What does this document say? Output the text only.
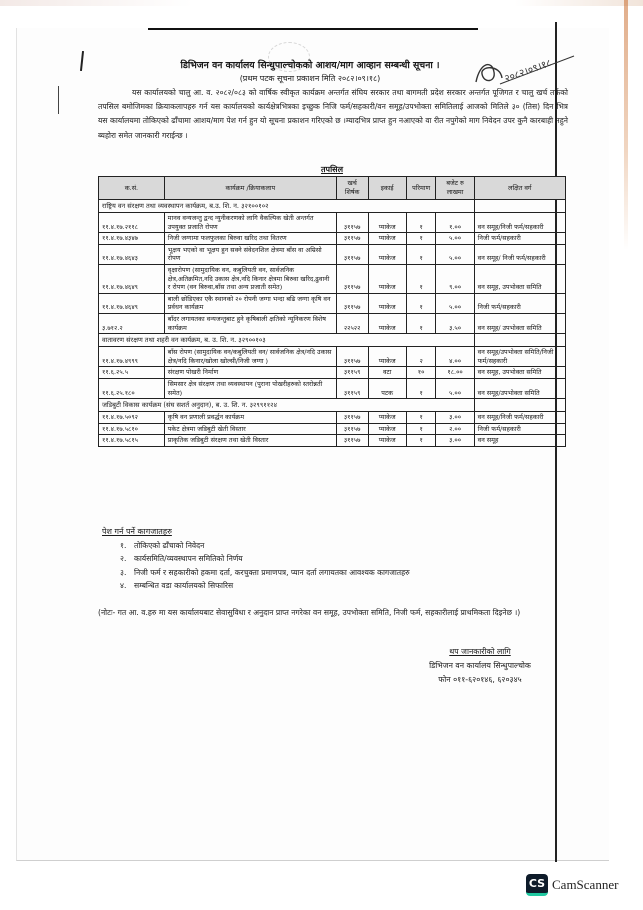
डिभिजन वन कार्यालय सिन्धुपाल्चोकको आशय/माग आव्हान सम्बन्धी सूचना ।
(प्रथम पटक सूचना प्रकाशन मिति २०८२।०९।१८)	२०८२।०९।१८
यस कार्यालयको चालु आ. व. २०८२/०८३ को वार्षिक स्वीकृत कार्यक्रम अन्तर्गत संघिय सरकार तथा बागमती प्रदेश सरकार अन्तर्गत पूजिगत र चालु खर्च तर्फको तपसिल बमोजिमका क्रियाकलापहरु गर्न यस कार्यालयको कार्यक्षेत्रभित्रका इच्छुक निजि फर्म/सहकारी/वन समूह/उपभोक्ता समितिलाई आजको मितिले ३० (तिस) दिन भित्र यस कार्यालयमा तोकिएको ढाँचामा आशय/माग पेश गर्न हुन यो सूचना प्रकाशन गरिएको छ ।म्यादभित्र प्राप्त हुन नआएको वा रीत नपुगेको माग निवेदन उपर कुनै कारबाही नहुने ब्यहोरा समेत जानकारी गराईन्छ ।
तपसिल
क.सं.	कार्यक्रम /क्रियाकलाप	खर्च शिर्षक	इकाई	परिमाण	बजेट रु लाखमा	लक्षित वर्ग
राष्ट्रिय वन संरक्षण तथा व्यवस्थापन कार्यक्रम, ब.उ. शि. न. ३२१००१०२						
११.४.१७.२११८	मानव वन्यजन्तु द्वन्द न्युनीकरणको लागि वैकल्पिक खेती अन्तर्गत उपयुक्त प्रजाति रोपण	३११५७	प्याकेज	१	१.००	वन समूह/निजी फर्म/सहकारी
११.४.१७.४३४७	निजी जग्गामा फलफुलका बिरुवा खरिद तथा वितरण	३११५७	प्याकेज	१	५.००	निजी फर्म/सहकारी
११.४.१७.४६४३	भूक्षय भएको वा भूक्षय हुन सक्ने संवेदनशिल क्षेत्रमा बाँस वा अम्रिसो रोपण	३११५७	प्याकेज	१	५.००	वन समूह/ निजी फर्म/सहकारी
११.४.१७.४६४९	वृक्षारोपण (सामुदायिक वन, कबुलियती वन, सार्वजनिक क्षेत्र,अतिक्रमित,नदि उकास क्षेत्र,नदि किनार क्षेत्रमा बिरुवा खरिद,ढुवानी र रोपण (वन बिरुवा,बाँस तथा अन्य प्रजाती समेत)	३११५७	प्याकेज	१	९.००	वन समूह, उपभोक्ता समिति
११.४.१७.४६४९	बाली छोडिएका एकै स्थानको २० रोपनी जग्गा भन्दा बढि जग्गा कृषि वन प्रर्वधन कार्यक्रम	३११५७	प्याकेज	१	५.००	निजी फर्म/सहकारी
३.७१२.२	बाँदर लगायतका वन्यजन्तुबाट हुने कृषिबाली क्षतिको न्यूनिकरण विशेष कार्यक्रम	२२५२२	प्याकेज	१	३.५०	वन समूह/ उपभोक्ता समिति
वातावरण संरक्षण तथा शहरी वन कार्यक्रम, ब. उ. शि. न. ३२९००१०३						
११.४.१७.४९९९	बाँस रोपण (सामुदायिक वन/कबुलियती वन/ सार्वजनिक क्षेत्र/नदि उकास क्षेत्र/नदि किनार/खोला खोल्सी/निजी जग्गा )	३११५७	प्याकेज	२	४.००	वन समूह/उपभोक्ता समिति/निजी फर्म/सहकारी
११.६.२५.५	संरक्षण पोखरी निर्माण	३११५९	वटा	१०	१८.००	वन समूह, उपभोक्ता समिति
११.६.२५.१८०	सिमसार क्षेत्र संरक्षण तथा व्यवस्थापन (पुराना पोखरीहरुको स्तरोन्नती समेत)	३११५९	पटक	१	५.००	वन समूह/उपभोक्ता समिति
जडिबुटी विकास कार्यक्रम (संघ सशर्त अनुदान), ब. उ. शि. न. ३२९९११२४						
११.४.१७.५०९२	कृषि वन प्रणाली प्रवर्द्धन कार्यक्रम	३११५७	प्याकेज	१	३.००	वन समूह/निजी फर्म/सहकारी
११.४.१७.५८१०	पकेट क्षेत्रमा जडिबुटी खेती विस्तार	३११५७	प्याकेज	१	२.००	निजी फर्म/सहकारी
११.४.१७.५८१५	प्राकृतिक जडिबुटी संरक्षण तथा खेती विस्तार	३११५७	प्याकेज	१	३.००	वन समूह
पेश गर्न पर्ने कागजातहरु
१. तोकिएको ढाँचाको निवेदन
२. कार्यसमिति/व्यवस्थापन समितिको निर्णय
३. निजी फर्म र सहकारीको हकमा दर्ता, करचुक्ता प्रमाणपत्र, प्यान दर्ता लगायतका आवश्यक कागजातहरु
४. सम्बन्धित वडा कार्यालयको सिफारिस
(नोटः- गत आ. व.हरु मा यस कार्यालयबाट सेवासुविधा र अनुदान प्राप्त नगरेका वन समूह, उपभोक्ता समिति, निजी फर्म, सहकारीलाई प्राथमिकता दिइनेछ ।)
थप जानकारीको लागि
डिभिजन वन कार्यालय सिन्धुपाल्चोक
फोन ०११-६२०१४६, ६२०३४५
CS CamScanner
